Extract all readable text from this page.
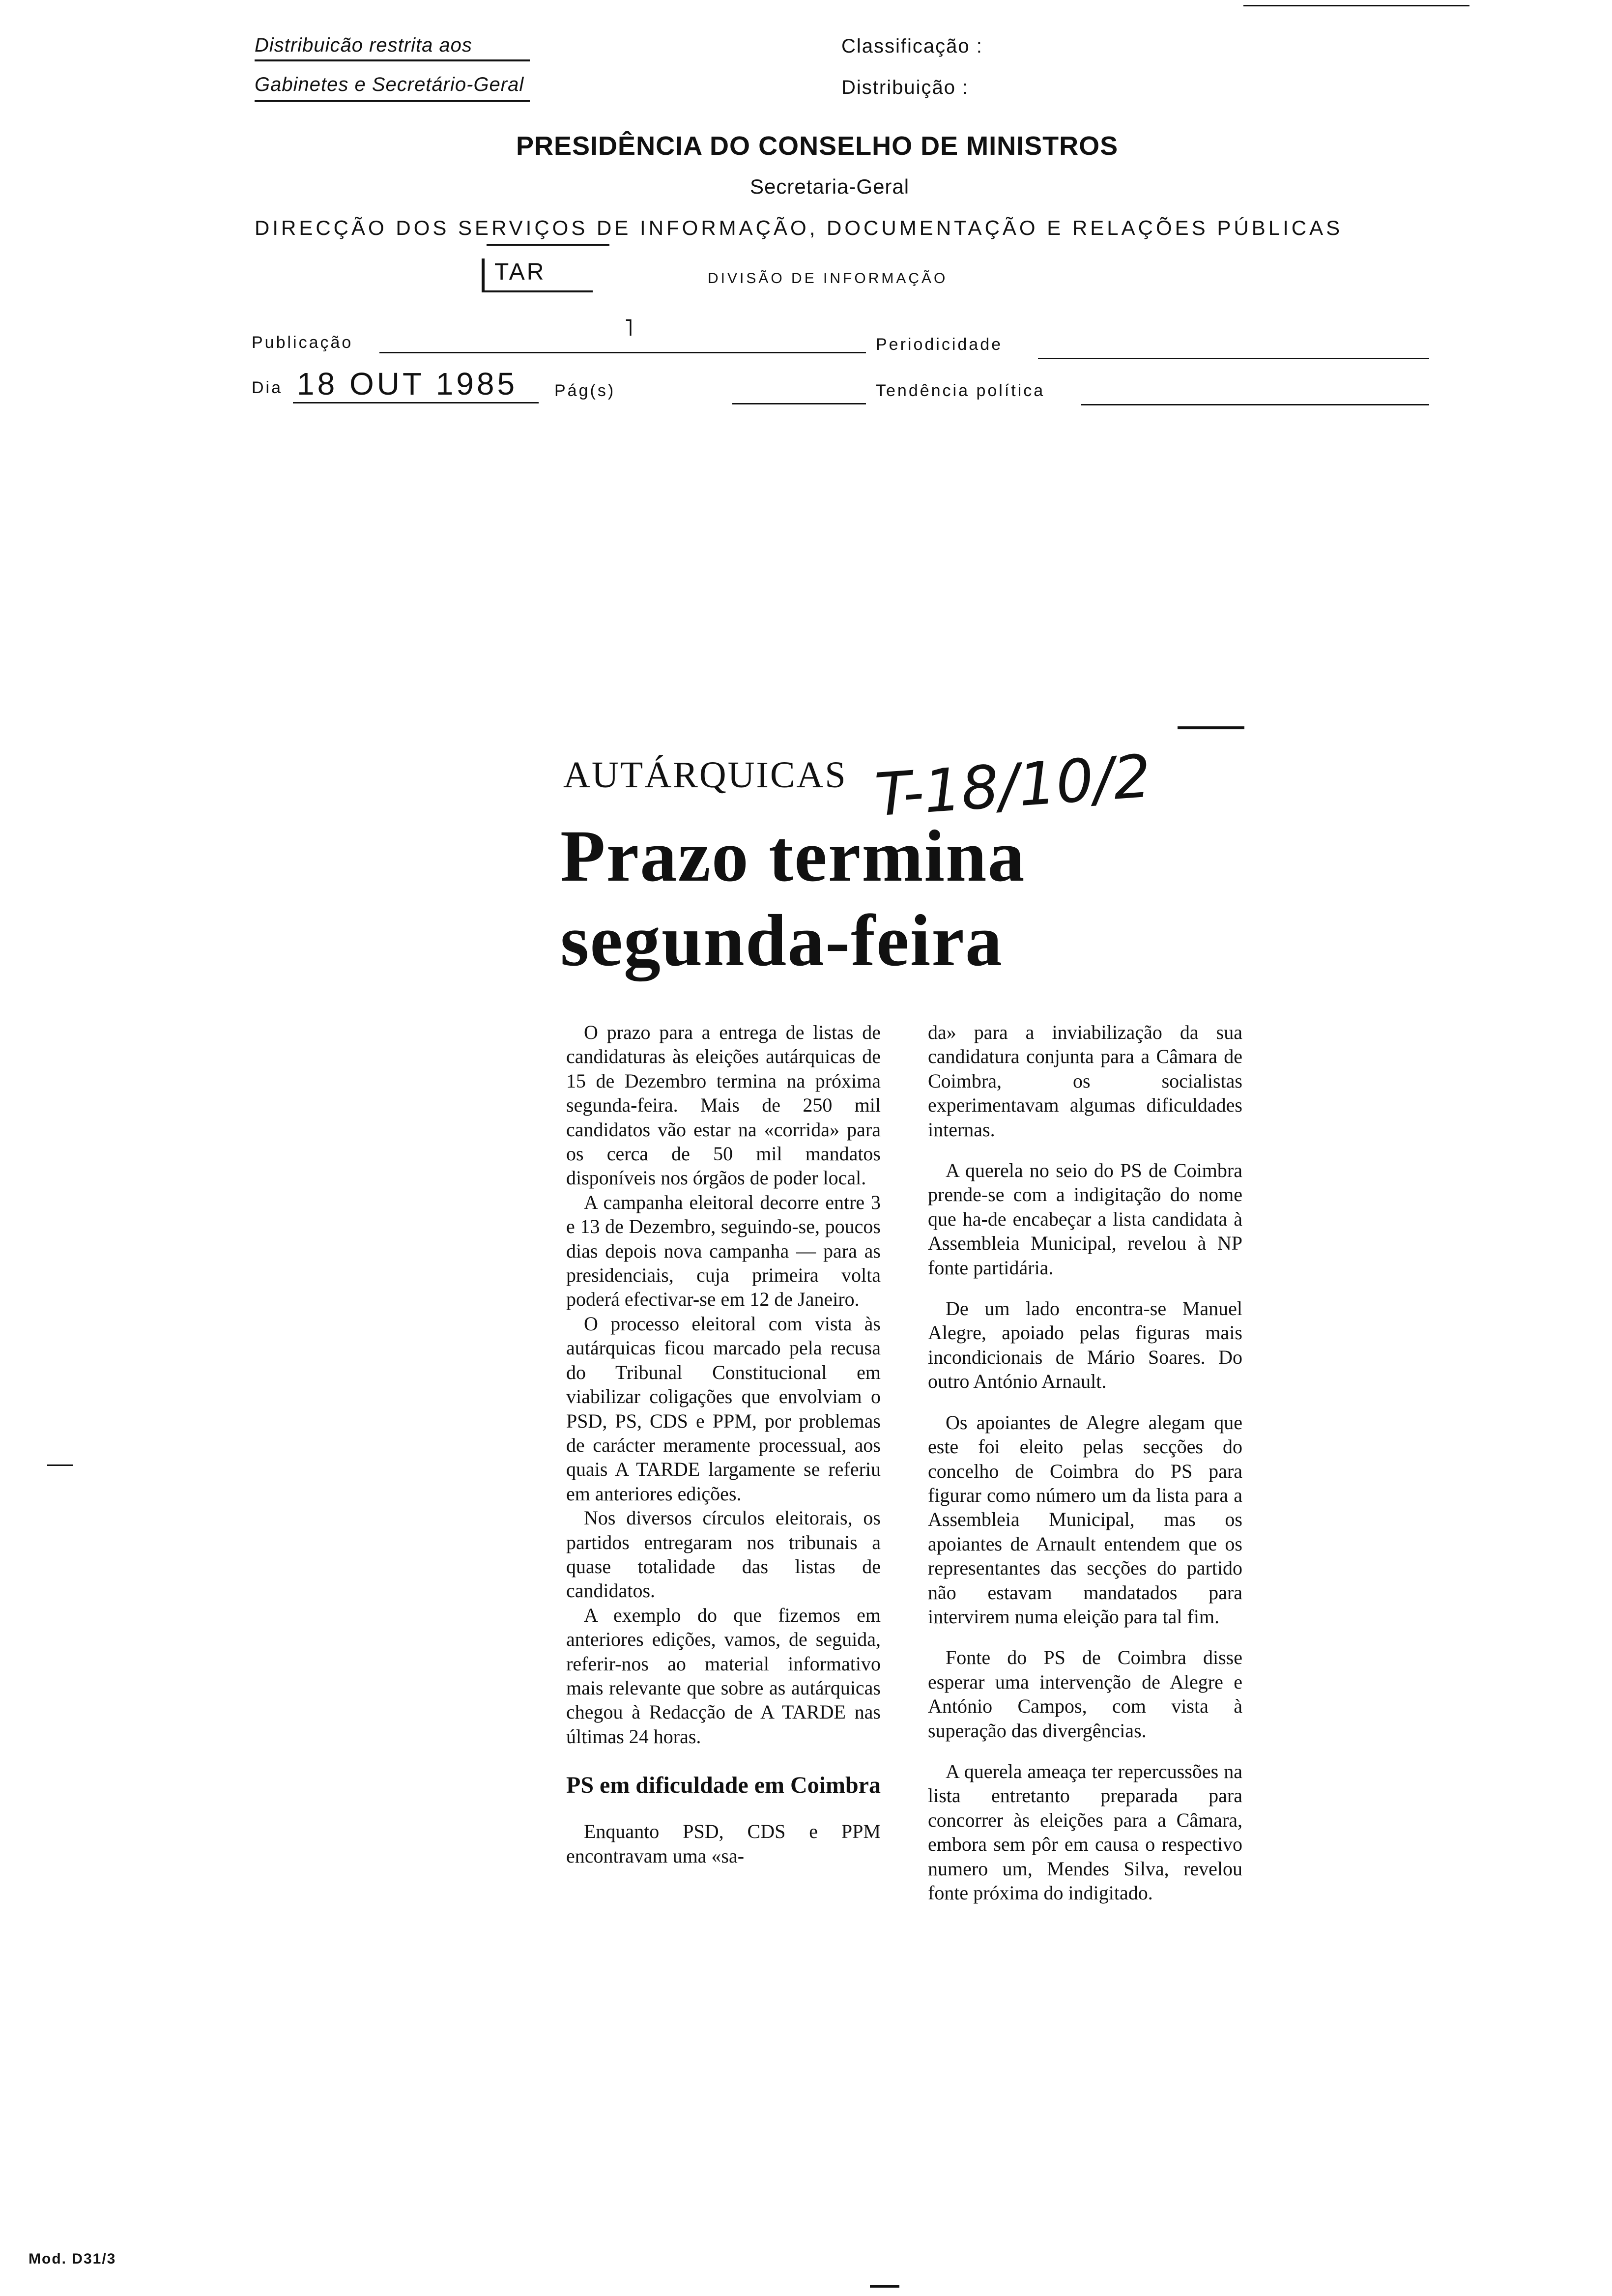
Distribuicão restrita aos
Gabinetes e Secretário-Geral
Classificação :
Distribuição :
PRESIDÊNCIA DO CONSELHO DE MINISTROS
Secretaria-Geral
DIRECÇÃO DOS SERVIÇOS DE INFORMAÇÃO, DOCUMENTAÇÃO E RELAÇÕES PÚBLICAS
TAR	DIVISÃO DE INFORMAÇÃO
Publicação
˥
Periodicidade
Dia 18 OUT 1985 Pág(s)	Tendência política
AUTÁRQUICAS T-18/10/2
Prazo termina
segunda-feira

O prazo para a entrega de listas de candidaturas às eleições autárquicas de 15 de Dezembro termina na próxima segunda-feira. Mais de 250 mil candidatos vão estar na «corrida» para os cerca de 50 mil mandatos disponíveis nos órgãos de poder local.

A campanha eleitoral decorre entre 3 e 13 de Dezembro, seguindo-se, poucos dias depois nova campanha — para as presidenciais, cuja primeira volta poderá efectivar-se em 12 de Janeiro.

O processo eleitoral com vista às autárquicas ficou marcado pela recusa do Tribunal Constitucional em viabilizar coligações que envolviam o PSD, PS, CDS e PPM, por problemas de carácter meramente processual, aos quais A TARDE largamente se referiu em anteriores edições.

Nos diversos círculos eleitorais, os partidos entregaram nos tribunais a quase totalidade das listas de candidatos.

A exemplo do que fizemos em anteriores edições, vamos, de seguida, referir-nos ao material informativo mais relevante que sobre as autárquicas chegou à Redacção de A TARDE nas últimas 24 horas.

PS em dificuldade em Coimbra

Enquanto PSD, CDS e PPM encontravam uma «sa-

da» para a inviabilização da sua candidatura conjunta para a Câmara de Coimbra, os socialistas experimentavam algumas dificuldades internas.

A querela no seio do PS de Coimbra prende-se com a indigitação do nome que ha-de encabeçar a lista candidata à Assembleia Municipal, revelou à NP fonte partidária.

De um lado encontra-se Manuel Alegre, apoiado pelas figuras mais incondicionais de Mário Soares. Do outro António Arnault.

Os apoiantes de Alegre alegam que este foi eleito pelas secções do concelho de Coimbra do PS para figurar como número um da lista para a Assembleia Municipal, mas os apoiantes de Arnault entendem que os representantes das secções do partido não estavam mandatados para intervirem numa eleição para tal fim.

Fonte do PS de Coimbra disse esperar uma intervenção de Alegre e António Campos, com vista à superação das divergências.

A querela ameaça ter repercussões na lista entretanto preparada para concorrer às eleições para a Câmara, embora sem pôr em causa o respectivo numero um, Mendes Silva, revelou fonte próxima do indigitado.

Mod. D31/3
